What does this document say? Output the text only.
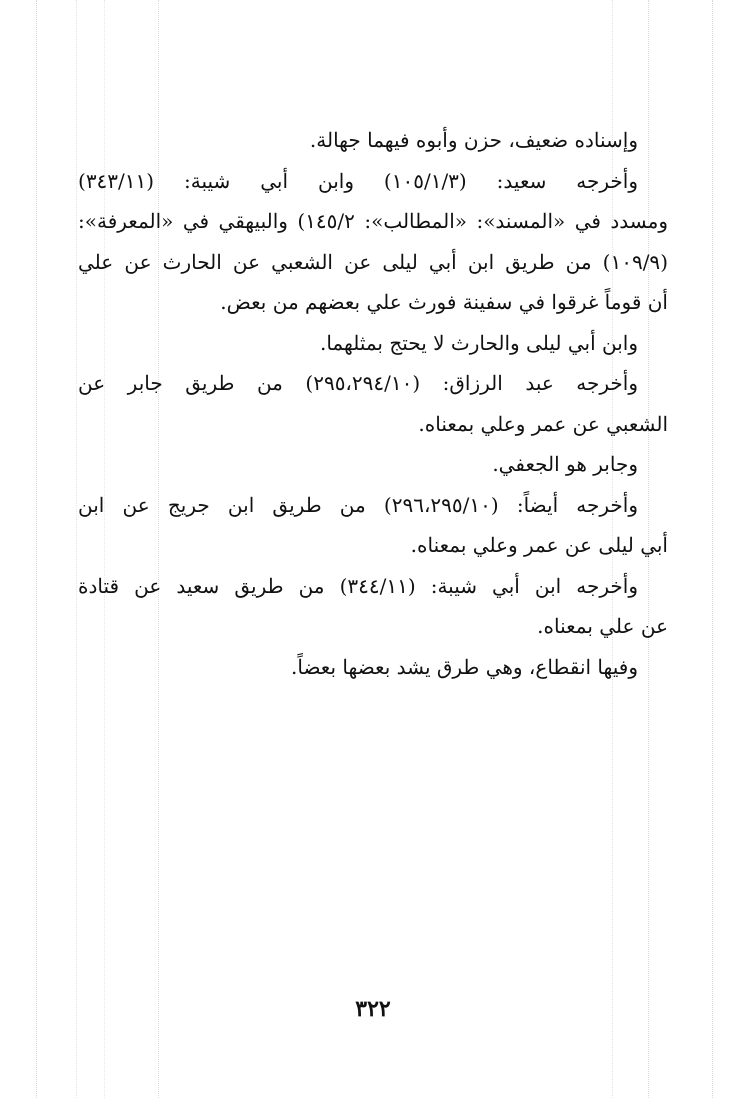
وإسناده ضعيف، حزن وأبوه فيهما جهالة.
وأخرجه سعيد: (١٠٥/١/٣) وابن أبي شيبة: (٣٤٣/١١)
ومسدد في «المسند»: «المطالب»: ١٤٥/٢) والبيهقي في «المعرفة»:
(١٠٩/٩) من طريق ابن أبي ليلى عن الشعبي عن الحارث عن علي
أن قوماً غرقوا في سفينة فورث علي بعضهم من بعض.
وابن أبي ليلى والحارث لا يحتج بمثلهما.
وأخرجه عبد الرزاق: (٢٩٥،٢٩٤/١٠) من طريق جابر عن
الشعبي عن عمر وعلي بمعناه.
وجابر هو الجعفي.
وأخرجه أيضاً: (٢٩٦،٢٩٥/١٠) من طريق ابن جريج عن ابن
أبي ليلى عن عمر وعلي بمعناه.
وأخرجه ابن أبي شيبة: (٣٤٤/١١) من طريق سعيد عن قتادة
عن علي بمعناه.
وفيها انقطاع، وهي طرق يشد بعضها بعضاً.
٣٢٢
